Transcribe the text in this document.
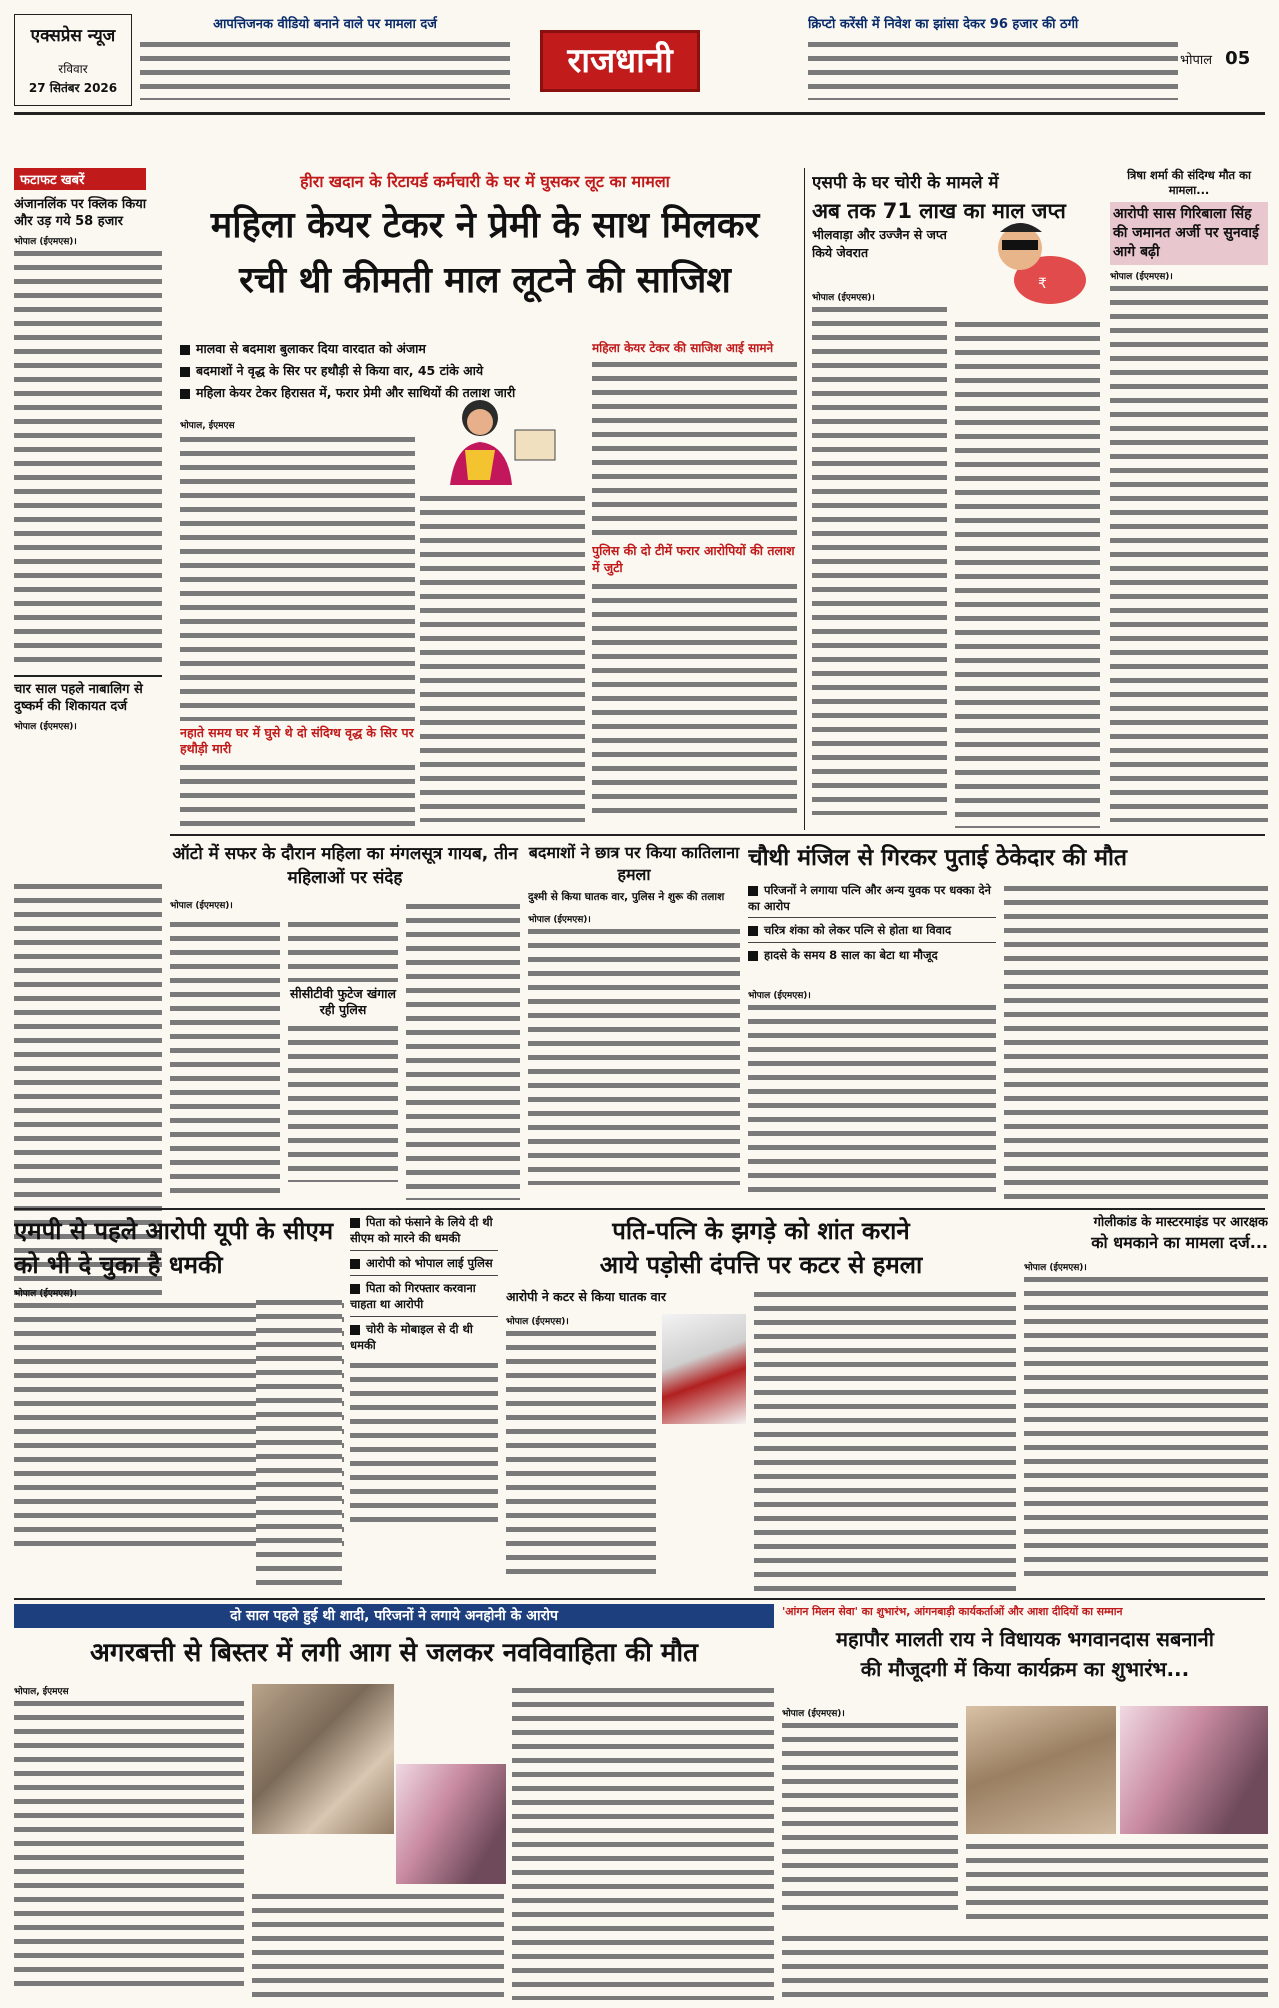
एक्सप्रेस न्यूज
रविवार
27 सितंबर 2026
आपत्तिजनक वीडियो बनाने वाले पर मामला दर्ज
राजधानी
क्रिप्टो करेंसी में निवेश का झांसा देकर 96 हजार की ठगी
भोपाल 05
फटाफट खबरें
अंजानलिंक पर क्लिक किया और उड़ गये 58 हजार
भोपाल (ईएमएस)।
चार साल पहले नाबालिग से दुष्कर्म की शिकायत दर्ज
भोपाल (ईएमएस)।
हीरा खदान के रिटायर्ड कर्मचारी के घर में घुसकर लूट का मामला
महिला केयर टेकर ने प्रेमी के साथ मिलकर
रची थी कीमती माल लूटने की साजिश
मालवा से बदमाश बुलाकर दिया वारदात को अंजाम
बदमाशों ने वृद्ध के सिर पर हथौड़ी से किया वार, 45 टांके आये
महिला केयर टेकर हिरासत में, फरार प्रेमी और साथियों की तलाश जारी
भोपाल, ईएमएस
नहाते समय घर में घुसे थे दो संदिग्ध वृद्ध के सिर पर हथौड़ी मारी
महिला केयर टेकर की साजिश आई सामने
पुलिस की दो टीमें फरार आरोपियों की तलाश में जुटी
एसपी के घर चोरी के मामले में
अब तक 71 लाख का माल जप्त
भीलवाड़ा और उज्जैन से जप्त किये जेवरात
₹
भोपाल (ईएमएस)।
त्रिषा शर्मा की संदिग्ध मौत का मामला...
आरोपी सास गिरिबाला सिंह की जमानत अर्जी पर सुनवाई आगे बढ़ी
भोपाल (ईएमएस)।
ऑटो में सफर के दौरान महिला का मंगलसूत्र गायब, तीन महिलाओं पर संदेह
भोपाल (ईएमएस)।
सीसीटीवी फुटेज खंगाल रही पुलिस
बदमाशों ने छात्र पर किया कातिलाना हमला
दुश्मी से किया घातक वार, पुलिस ने शुरू की तलाश
भोपाल (ईएमएस)।
चौथी मंजिल से गिरकर पुताई ठेकेदार की मौत
परिजनों ने लगाया पत्नि और अन्य युवक पर धक्का देने का आरोप
चरित्र शंका को लेकर पत्नि से होता था विवाद
हादसे के समय 8 साल का बेटा था मौजूद
भोपाल (ईएमएस)।
एमपी से पहले आरोपी यूपी के सीएम को भी दे चुका है धमकी
भोपाल (ईएमएस)।
पिता को फंसाने के लिये दी थी सीएम को मारने की धमकी
आरोपी को भोपाल लाई पुलिस
पिता को गिरफ्तार करवाना चाहता था आरोपी
चोरी के मोबाइल से दी थी धमकी
पति-पत्नि के झगड़े को शांत कराने
आये पड़ोसी दंपत्ति पर कटर से हमला
आरोपी ने कटर से किया घातक वार
भोपाल (ईएमएस)।
गोलीकांड के मास्टरमाइंड पर आरक्षक
को धमकाने का मामला दर्ज...
भोपाल (ईएमएस)।
दो साल पहले हुई थी शादी, परिजनों ने लगाये अनहोनी के आरोप
अगरबत्ती से बिस्तर में लगी आग से जलकर नवविवाहिता की मौत
भोपाल, ईएमएस
'आंगन मिलन सेवा' का शुभारंभ, आंगनबाड़ी कार्यकर्ताओं और आशा दीदियों का सम्मान
महापौर मालती राय ने विधायक भगवानदास सबनानी
की मौजूदगी में किया कार्यक्रम का शुभारंभ...
भोपाल (ईएमएस)।
